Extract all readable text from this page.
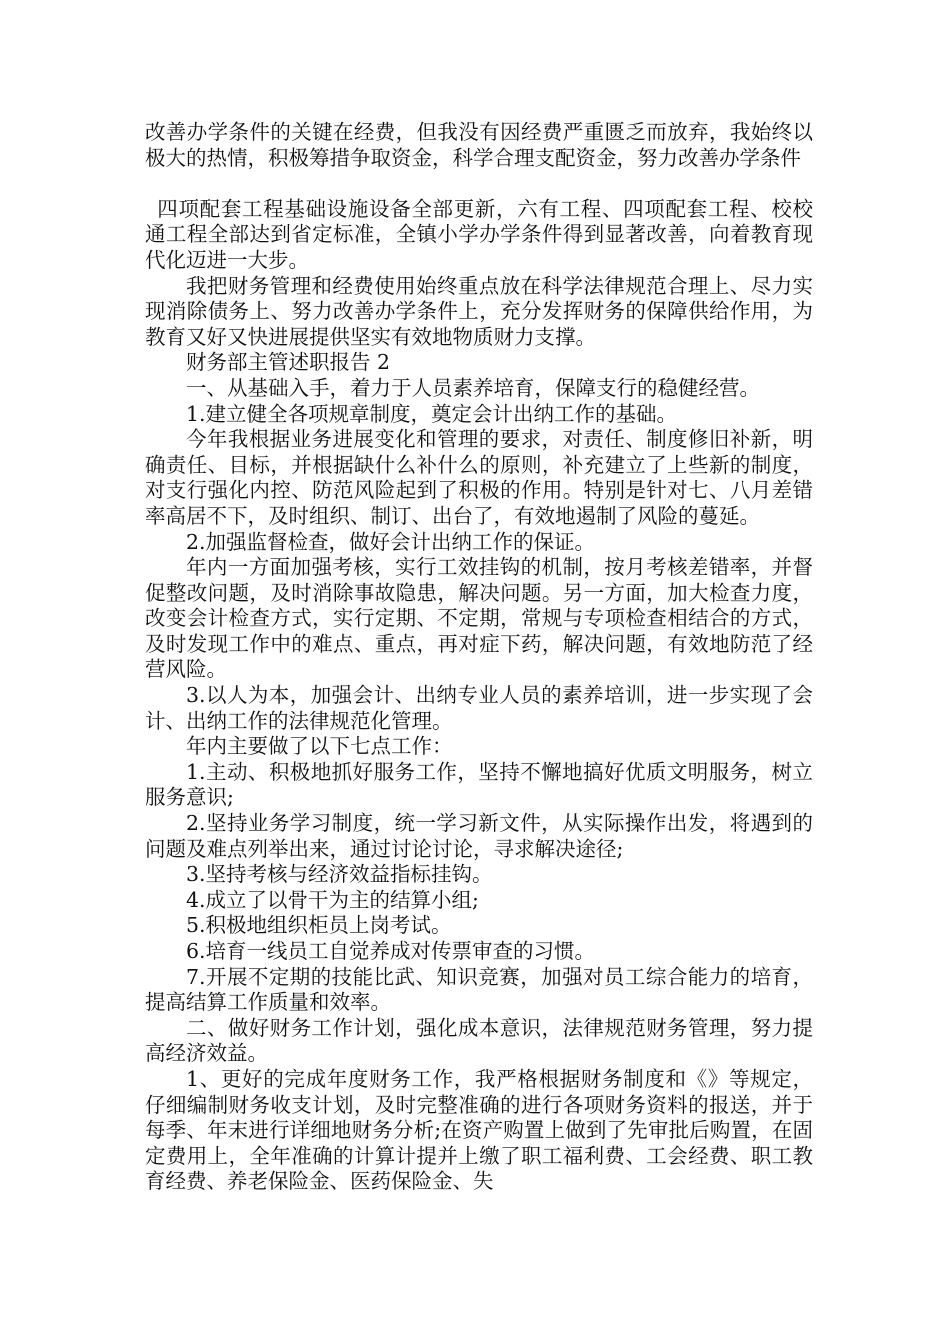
改善办学条件的关键在经费，但我没有因经费严重匮乏而放弃，我始终以极大的热情，积极筹措争取资金，科学合理支配资金，努力改善办学条件

四项配套工程基础设施设备全部更新，六有工程、四项配套工程、校校通工程全部达到省定标准，全镇小学办学条件得到显著改善，向着教育现代化迈进一大步。

我把财务管理和经费使用始终重点放在科学法律规范合理上、尽力实现消除债务上、努力改善办学条件上，充分发挥财务的保障供给作用，为教育又好又快进展提供坚实有效地物质财力支撑。

财务部主管述职报告 2

一、从基础入手，着力于人员素养培育，保障支行的稳健经营。

1.建立健全各项规章制度，奠定会计出纳工作的基础。

今年我根据业务进展变化和管理的要求，对责任、制度修旧补新，明确责任、目标，并根据缺什么补什么的原则，补充建立了上些新的制度，对支行强化内控、防范风险起到了积极的作用。特别是针对七、八月差错率高居不下，及时组织、制订、出台了，有效地遏制了风险的蔓延。

2.加强监督检查，做好会计出纳工作的保证。

年内一方面加强考核，实行工效挂钩的机制，按月考核差错率，并督促整改问题，及时消除事故隐患，解决问题。另一方面，加大检查力度，改变会计检查方式，实行定期、不定期，常规与专项检查相结合的方式，及时发现工作中的难点、重点，再对症下药，解决问题，有效地防范了经营风险。

3.以人为本，加强会计、出纳专业人员的素养培训，进一步实现了会计、出纳工作的法律规范化管理。

年内主要做了以下七点工作：

1.主动、积极地抓好服务工作，坚持不懈地搞好优质文明服务，树立服务意识;

2.坚持业务学习制度，统一学习新文件，从实际操作出发，将遇到的问题及难点列举出来，通过讨论讨论，寻求解决途径;

3.坚持考核与经济效益指标挂钩。

4.成立了以骨干为主的结算小组;

5.积极地组织柜员上岗考试。

6.培育一线员工自觉养成对传票审查的习惯。

7.开展不定期的技能比武、知识竞赛，加强对员工综合能力的培育，提高结算工作质量和效率。

二、做好财务工作计划，强化成本意识，法律规范财务管理，努力提高经济效益。

1、更好的完成年度财务工作，我严格根据财务制度和《》等规定，仔细编制财务收支计划，及时完整准确的进行各项财务资料的报送，并于每季、年末进行详细地财务分析;在资产购置上做到了先审批后购置，在固定费用上，全年准确的计算计提并上缴了职工福利费、工会经费、职工教育经费、养老保险金、医药保险金、失
